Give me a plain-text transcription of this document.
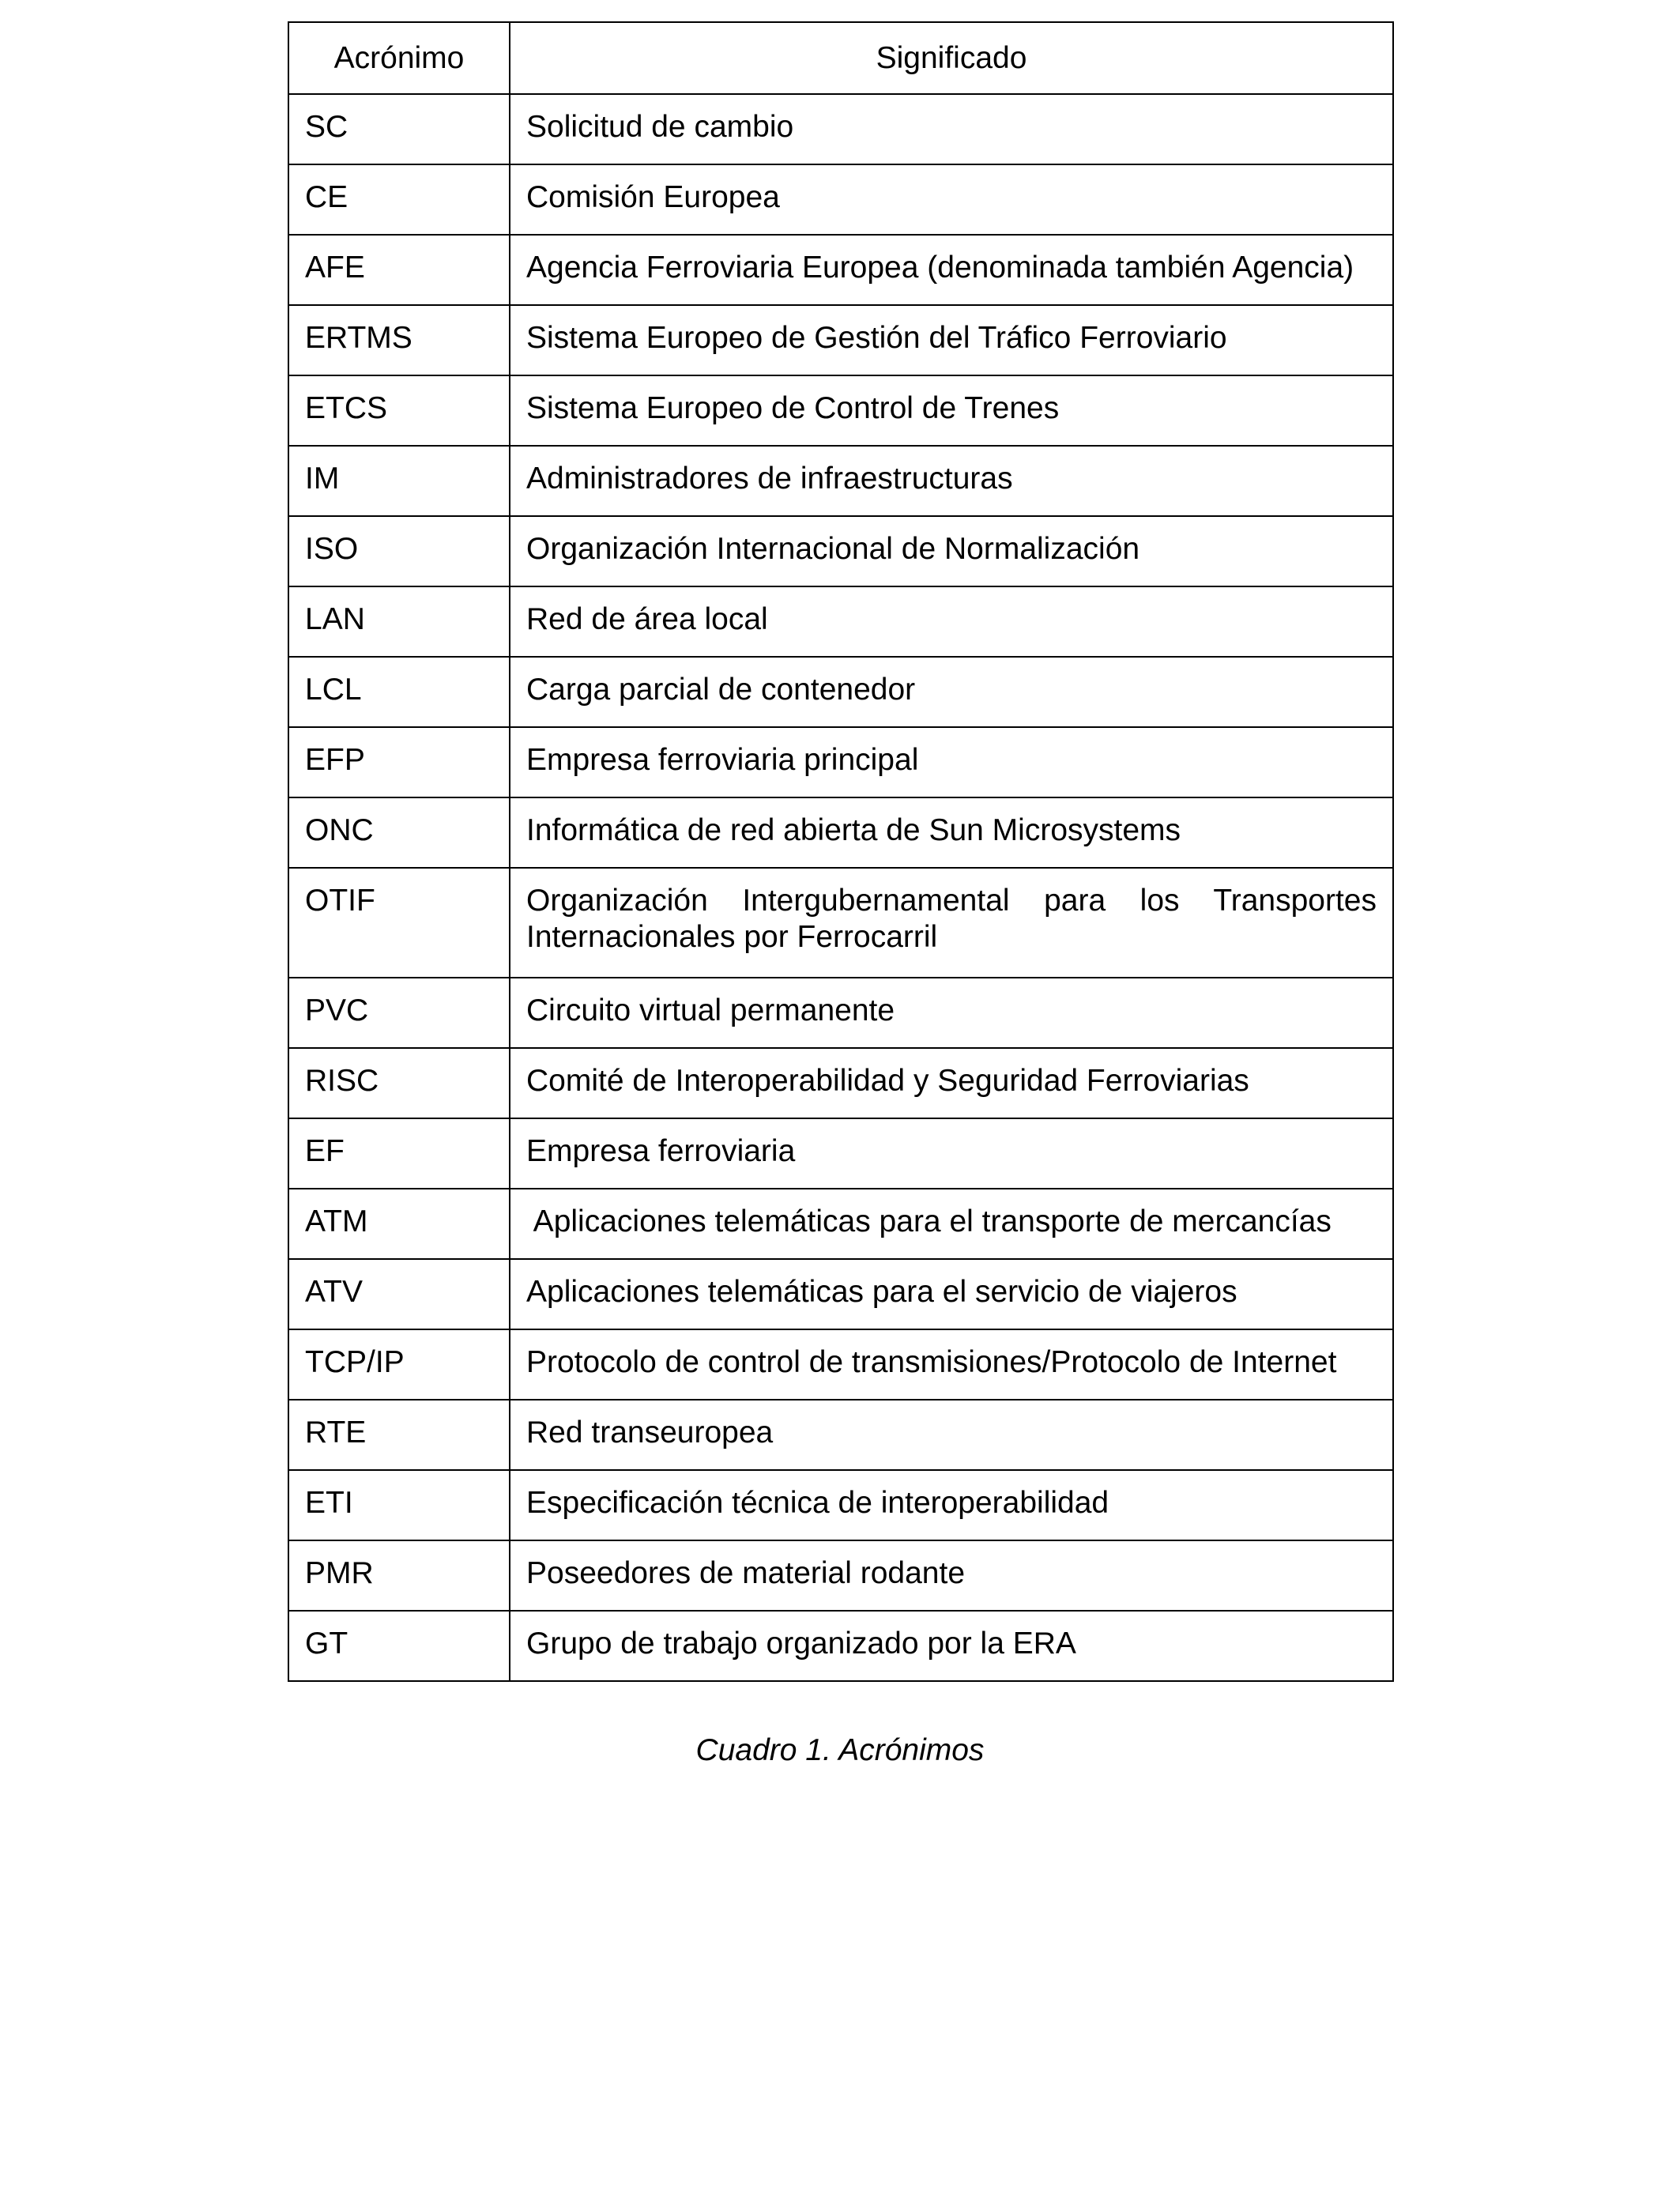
Acrónimo	Significado
SC	Solicitud de cambio
CE	Comisión Europea
AFE	Agencia Ferroviaria Europea (denominada también Agencia)
ERTMS	Sistema Europeo de Gestión del Tráfico Ferroviario
ETCS	Sistema Europeo de Control de Trenes
IM	Administradores de infraestructuras
ISO	Organización Internacional de Normalización
LAN	Red de área local
LCL	Carga parcial de contenedor
EFP	Empresa ferroviaria principal
ONC	Informática de red abierta de Sun Microsystems
OTIF	Organización Intergubernamental para los Transportes Internacionales por Ferrocarril
PVC	Circuito virtual permanente
RISC	Comité de Interoperabilidad y Seguridad Ferroviarias
EF	Empresa ferroviaria
ATM	Aplicaciones telemáticas para el transporte de mercancías
ATV	Aplicaciones telemáticas para el servicio de viajeros
TCP/IP	Protocolo de control de transmisiones/Protocolo de Internet
RTE	Red transeuropea
ETI	Especificación técnica de interoperabilidad
PMR	Poseedores de material rodante
GT	Grupo de trabajo organizado por la ERA
Cuadro 1. Acrónimos
